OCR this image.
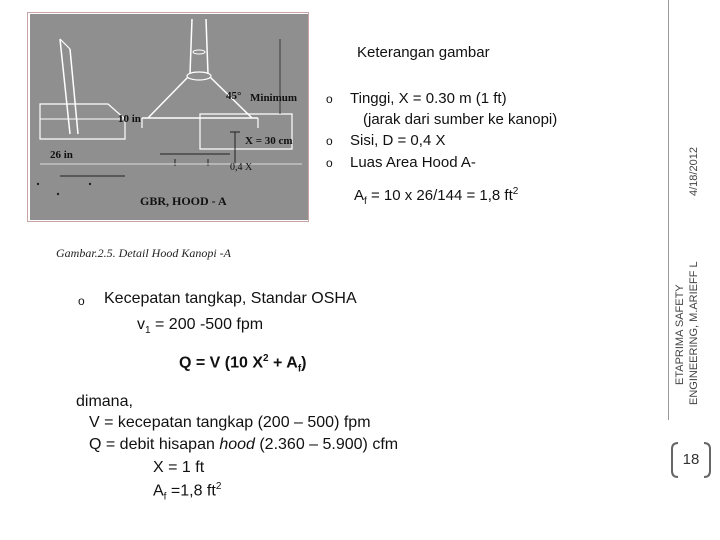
45° Minimum
10 in
X = 30 cm
26 in
0,4 X
GBR, HOOD - A
Gambar.2.5. Detail Hood Kanopi -A
Keterangan gambar
o Tinggi, X = 0.30 m (1 ft)
(jarak dari sumber ke kanopi)
o Sisi, D = 0,4 X
o Luas Area Hood A-
$A_f = 10$ x 26/144 = 1,8 $ft^2$
o Kecepatan tangkap, Standar OSHA
$v_1 = 200$ -500 fpm
Q = V (10 $X^2 + A_f$)
dimana,
V = kecepatan tangkap (200 – 500) fpm
Q = debit hisapan hood (2.360 – 5.900) cfm
X = 1 ft
$A_f =1,8$ $ft^2$
4/18/2012
ETAPRIMA SAFETY ENGINEERING, M.ARIEFF L
18
